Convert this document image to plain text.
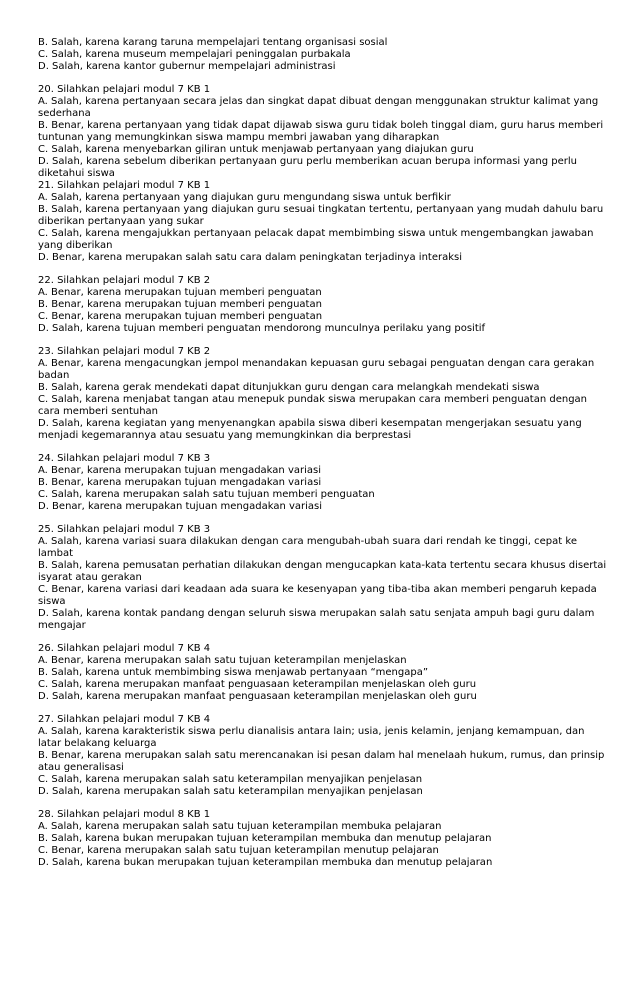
B. Salah, karena karang taruna mempelajari tentang organisasi sosial
C. Salah, karena museum mempelajari peninggalan purbakala
D. Salah, karena kantor gubernur mempelajari administrasi
20. Silahkan pelajari modul 7 KB 1
A. Salah, karena pertanyaan secara jelas dan singkat dapat dibuat dengan menggunakan struktur kalimat yang sederhana
B. Benar, karena pertanyaan yang tidak dapat dijawab siswa guru tidak boleh tinggal diam, guru harus memberi tuntunan yang memungkinkan siswa mampu membri jawaban yang diharapkan
C. Salah, karena menyebarkan giliran untuk menjawab pertanyaan yang diajukan guru
D. Salah, karena sebelum diberikan pertanyaan guru perlu memberikan acuan berupa informasi yang perlu diketahui siswa
21. Silahkan pelajari modul 7 KB 1
A. Salah, karena pertanyaan yang diajukan guru mengundang siswa untuk berfikir
B. Salah, karena pertanyaan yang diajukan guru sesuai tingkatan tertentu, pertanyaan yang mudah dahulu baru diberikan pertanyaan yang sukar
C. Salah, karena mengajukkan pertanyaan pelacak dapat membimbing siswa untuk mengembangkan jawaban yang diberikan
D. Benar, karena merupakan salah satu cara dalam peningkatan terjadinya interaksi
22. Silahkan pelajari modul 7 KB 2
A. Benar, karena merupakan tujuan memberi penguatan
B. Benar, karena merupakan tujuan memberi penguatan
C. Benar, karena merupakan tujuan memberi penguatan
D. Salah, karena tujuan memberi penguatan mendorong munculnya perilaku yang positif
23. Silahkan pelajari modul 7 KB 2
A. Benar, karena mengacungkan jempol menandakan kepuasan guru sebagai penguatan dengan cara gerakan badan
B. Salah, karena gerak mendekati dapat ditunjukkan guru dengan cara melangkah mendekati siswa
C. Salah, karena menjabat tangan atau menepuk pundak siswa merupakan cara memberi penguatan dengan cara memberi sentuhan
D. Salah, karena kegiatan yang menyenangkan apabila siswa diberi kesempatan mengerjakan sesuatu yang menjadi kegemarannya atau sesuatu yang memungkinkan dia berprestasi
24. Silahkan pelajari modul 7 KB 3
A. Benar, karena merupakan tujuan mengadakan variasi
B. Benar, karena merupakan tujuan mengadakan variasi
C. Salah, karena merupakan salah satu tujuan memberi penguatan
D. Benar, karena merupakan tujuan mengadakan variasi
25. Silahkan pelajari modul 7 KB 3
A. Salah, karena variasi suara dilakukan dengan cara mengubah-ubah suara dari rendah ke tinggi, cepat ke lambat
B. Salah, karena pemusatan perhatian dilakukan dengan mengucapkan kata-kata tertentu secara khusus disertai isyarat atau gerakan
C. Benar, karena variasi dari keadaan ada suara ke kesenyapan yang tiba-tiba akan memberi pengaruh kepada siswa
D. Salah, karena kontak pandang dengan seluruh siswa merupakan salah satu senjata ampuh bagi guru dalam mengajar
26. Silahkan pelajari modul 7 KB 4
A. Benar, karena merupakan salah satu tujuan keterampilan menjelaskan
B. Salah, karena untuk membimbing siswa menjawab pertanyaan “mengapa”
C. Salah, karena merupakan manfaat penguasaan keterampilan menjelaskan oleh guru
D. Salah, karena merupakan manfaat penguasaan keterampilan menjelaskan oleh guru
27. Silahkan pelajari modul 7 KB 4
A. Salah, karena karakteristik siswa perlu dianalisis antara lain; usia, jenis kelamin, jenjang kemampuan, dan latar belakang keluarga
B. Benar, karena merupakan salah satu merencanakan isi pesan dalam hal menelaah hukum, rumus, dan prinsip atau generalisasi
C. Salah, karena merupakan salah satu keterampilan menyajikan penjelasan
D. Salah, karena merupakan salah satu keterampilan menyajikan penjelasan
28. Silahkan pelajari modul 8 KB 1
A. Salah, karena merupakan salah satu tujuan keterampilan membuka pelajaran
B. Salah, karena bukan merupakan tujuan keterampilan membuka dan menutup pelajaran
C. Benar, karena merupakan salah satu tujuan keterampilan menutup pelajaran
D. Salah, karena bukan merupakan tujuan keterampilan membuka dan menutup pelajaran
